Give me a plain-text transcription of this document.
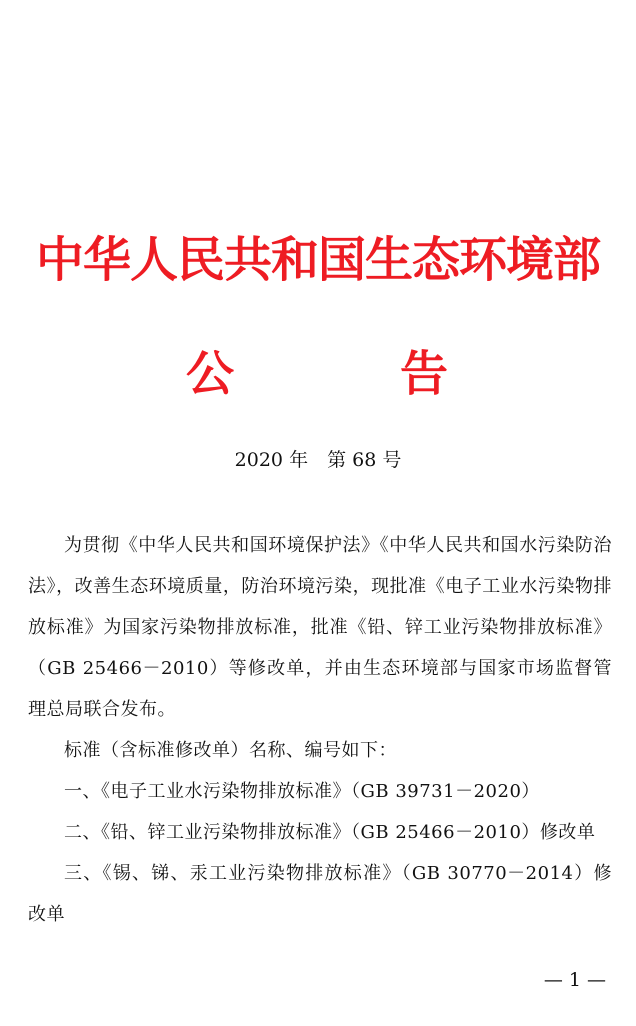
中华人民共和国生态环境部
公	告
2020 年　第 68 号

为贯彻《中华人民共和国环境保护法》《中华人民共和国水污染防治法》，改善生态环境质量，防治环境污染，现批准《电子工业水污染物排放标准》为国家污染物排放标准，批准《铅、锌工业污染物排放标准》（GB 25466－2010）等修改单，并由生态环境部与国家市场监督管理总局联合发布。

标准（含标准修改单）名称、编号如下：

一、《电子工业水污染物排放标准》（GB 39731－2020）

二、《铅、锌工业污染物排放标准》（GB 25466－2010）修改单

三、《锡、锑、汞工业污染物排放标准》（GB 30770－2014）修改单

— 1 —
